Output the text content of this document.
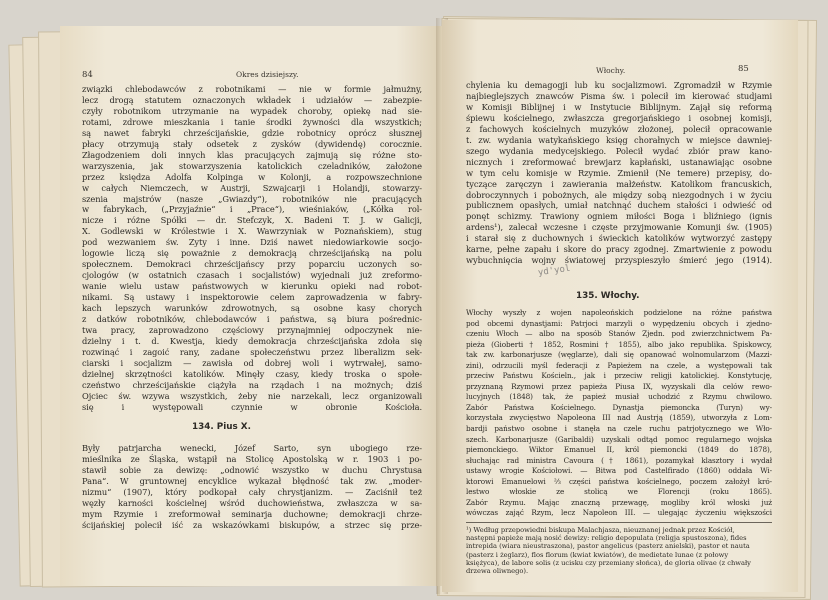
84	Okres dzisiejszy.
związki chlebodawców z robotnikami — nie w formie jałmużny,
lecz drogą statutem oznaczonych wkładek i udziałów — zabezpie-
czyły robotnikom utrzymanie na wypadek choroby, opiekę nad sie-
rotami, zdrowe mieszkania i tanie środki żywności dla wszystkich;
są nawet fabryki chrześcijańskie, gdzie robotnicy oprócz słusznej
płacy otrzymują stały odsetek z zysków (dywidendę) corocznie.
Złagodzeniem doli innych klas pracujących zajmują się różne sto-
warzyszenia, jak stowarzyszenia katolickich czeladników, założone
przez księdza Adolfa Kolpinga w Kolonji, a rozpowszechnione
w całych Niemczech, w Austrji, Szwajcarji i Holandji, stowarzy-
szenia majstrów (nasze „Gwiazdy“), robotników nie pracujących
w fabrykach, („Przyjaźnie“ i „Prace“), wieśniaków, („Kółka rol-
nicze i różne Spółki — dr. Stefczyk, X. Badeni T. J. w Galicji,
X. Godlewski w Królestwie i X. Wawrzyniak w Poznańskiem), stug
pod wezwaniem św. Zyty i inne. Dziś nawet niedowiarkowie socjo-
logowie liczą się poważnie z demokracją chrześcijańską na polu
społecznem. Demokraci chrześcijańscy przy poparciu uczonych so-
cjologów (w ostatnich czasach i socjalistów) wyjednali już zreformo-
wanie wielu ustaw państwowych w kierunku opieki nad robot-
nikami. Są ustawy i inspektorowie celem zaprowadzenia w fabry-
kach lepszych warunków zdrowotnych, są osobne kasy chorych
z datków robotników, chlebodawców i państwa, są biura pośrednic-
twa pracy, zaprowadzono częściowy przynajmniej odpoczynek nie-
dzielny i t. d. Kwestja, kiedy demokracja chrześcijańska zdoła się
rozwinąć i zagoić rany, zadane społeczeństwu przez liberalizm sek-
ciarski i socjalizm — zawisła od dobrej woli i wytrwałej, samo-
dzielnej skrzętności katolików. Minęły czasy, kiedy troska o społe-
czeństwo chrześcijańskie ciążyła na rządach i na możnych; dziś
Ojciec św. wzywa wszystkich, żeby nie narzekali, lecz organizowali
się i występowali czynnie w obronie Kościoła.
134. Pius X.
Były patrjarcha wenecki, Józef Sarto, syn ubogiego rze-
mieślnika ze Śląska, wstąpił na Stolicę Apostolską w r. 1903 i po-
stawił sobie za dewizę: „odnowić wszystko w duchu Chrystusa
Pana“. W gruntownej encyklice wykazał błędność tak zw. „moder-
nizmu“ (1907), który podkopał cały chrystjanizm. — Zaciśnił też
węzły karności kościelnej wśród duchowieństwa, zwłaszcza w sa-
mym Rzymie i zreformował seminarja duchowne; demokracji chrze-
ścijańskiej polecił iść za wskazówkami biskupów, a strzec się prze-
85
Włochy.
chylenia ku demagogji lub ku socjalizmowi. Zgromadził w Rzymie
najbieglejszych znawców Pisma św. i polecił im kierować studjami
w Komisji Biblijnej i w Instytucie Biblijnym. Zajął się reformą
śpiewu kościelnego, zwłaszcza gregorjańskiego i osobnej komisji,
z fachowych kościelnych muzyków złożonej, polecił opracowanie
t. zw. wydania watykańskiego księg chorałnych w miejsce dawniej-
szego wydania medycejskiego. Polecił wydać zbiór praw kano-
nicznych i zreformować brewjarz kapłański, ustanawiając osobne
w tym celu komisje w Rzymie. Zmienił (Ne temere) przepisy, do-
tyczące zaręczyn i zawierania małżeństw. Katolikom francuskich,
dobroczynnych i pobożnych, ale między sobą niezgodnych i w życiu
publicznem opasłych, umiał natchnąć duchem stałości i odwieść od
ponęt schizmy. Trawiony ogniem miłości Boga i bliźniego (ignis
ardens¹), zalecał wczesne i częste przyjmowanie Komunji św. (1905)
i starał się z duchownych i świeckich katolików wytworzyć zastępy
karne, pełne zapału i skore do pracy zgodnej. Zmartwienie z powodu
wybuchnięcia wojny światowej przyspieszyło śmierć jego (1914).
yd'yol
135. Włochy.
Włochy wyszły z wojen napoleońskich podzielone na różne państwa
pod obcemi dynastjami: Patrjoci marzyli o wypędzeniu obcych i zjedno-
czeniu Włoch — albo na sposób Stanów Zjedn. pod zwierzchnictwem Pa-
pieża (Gioberti † 1852, Rosmini † 1855), albo jako republika. Spiskowcy,
tak zw. karbonarjusze (węglarze), dali się opanować wolnomularzom (Mazzi-
zini), odrzucili myśl federacji z Papieżem na czele, a występowali tak
przeciw Państwu Kościeln., jak i przeciw religji katolickiej. Konstytucję,
przyznaną Rzymowi przez papieża Piusa IX, wyzyskali dla celów rewo-
lucyjnych (1848) tak, że papież musiał uchodzić z Rzymu chwilowo.
Zabór Państwa Kościelnego. Dynastja piemoncka (Turyn) wy-
korzystała zwycięstwo Napoleona III nad Austrją (1859), utworzyła z Lom-
bardji państwo osobne i stanęła na czele ruchu patrjotycznego we Wło-
szech. Karbonarjusze (Garibaldi) uzyskali odtąd pomoc regularnego wojska
piemonckiego. Wiktor Emanuel II, król piemoncki (1849 do 1878),
słuchając rad ministra Cavoura († 1861), pozamykał klasztory i wydał
ustawy wrogie Kościołowi. — Bitwa pod Castelfirado (1860) oddała Wi-
ktorowi Emanuelowi ⅔ części państwa kościelnego, poczem założył kró-
lestwo włoskie ze stolicą we Florencji (roku 1865).
Zabór Rzymu. Mając znaczną przewagę, mogliby król włoski już
wówczas zająć Rzym, lecz Napoleon III. — ulegając życzeniu większości
¹) Według przepowiedni biskupa Malachjasza, nieuznanej jednak przez Kościół,
następni papieże mają nosić dewizy: religio depopulata (religja spustoszona), fides
intrepida (wiara nieustraszona), pastor angelicus (pasterz anielski), pastor et nauta
(pasterz i żeglarz), flos florum (kwiat kwiatów), de medietate lunae (z połowy
księżyca), de labore solis (z ucisku czy przemiany słońca), de gloria olivae (z chwały
drzewa oliwnego).
